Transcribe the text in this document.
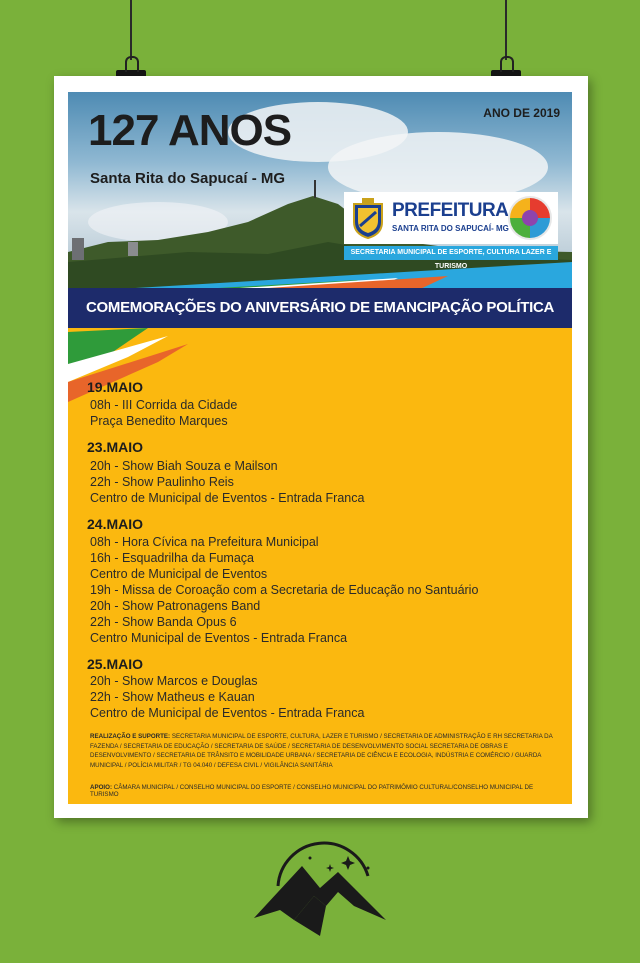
127 ANOS
Santa Rita do Sapucaí - MG
ANO DE 2019
PREFEITURA
SANTA RITA DO SAPUCAÍ- MG
SECRETARIA MUNICIPAL DE ESPORTE, CULTURA LAZER E TURISMO
COMEMORAÇÕES DO ANIVERSÁRIO DE EMANCIPAÇÃO POLÍTICA
19.MAIO
08h - III Corrida da Cidade
Praça Benedito Marques
23.MAIO
20h - Show Biah Souza e Mailson
22h - Show Paulinho Reis
Centro de Municipal de Eventos - Entrada Franca
24.MAIO
08h - Hora Cívica na Prefeitura Municipal
16h - Esquadrilha da Fumaça
Centro de Municipal de Eventos
19h - Missa de Coroação com a Secretaria de Educação no Santuário
20h - Show Patronagens Band
22h - Show Banda Opus 6
Centro Municipal de Eventos - Entrada Franca
25.MAIO
20h - Show Marcos e Douglas
22h - Show Matheus e Kauan
Centro de Municipal de Eventos - Entrada Franca
REALIZAÇÃO E SUPORTE: SECRETARIA MUNICIPAL DE ESPORTE, CULTURA, LAZER E TURISMO / SECRETARIA DE ADMINISTRAÇÃO E RH SECRETARIA DA FAZENDA / SECRETARIA DE EDUCAÇÃO / SECRETARIA DE SAÚDE / SECRETARIA DE DESENVOLVIMENTO SOCIAL SECRETARIA DE OBRAS E DESENVOLVIMENTO / SECRETARIA DE TRÂNSITO E MOBILIDADE URBANA / SECRETARIA DE CIÊNCIA E ECOLOGIA, INDÚSTRIA E COMÉRCIO / GUARDA MUNICIPAL / POLÍCIA MILITAR / TG 04.040 / DEFESA CIVIL / VIGILÂNCIA SANITÁRIA
APOIO: CÂMARA MUNICIPAL / CONSELHO MUNICIPAL DO ESPORTE / CONSELHO MUNICIPAL DO PATRIMÔMIO CULTURAL/CONSELHO MUNICIPAL DE TURISMO
